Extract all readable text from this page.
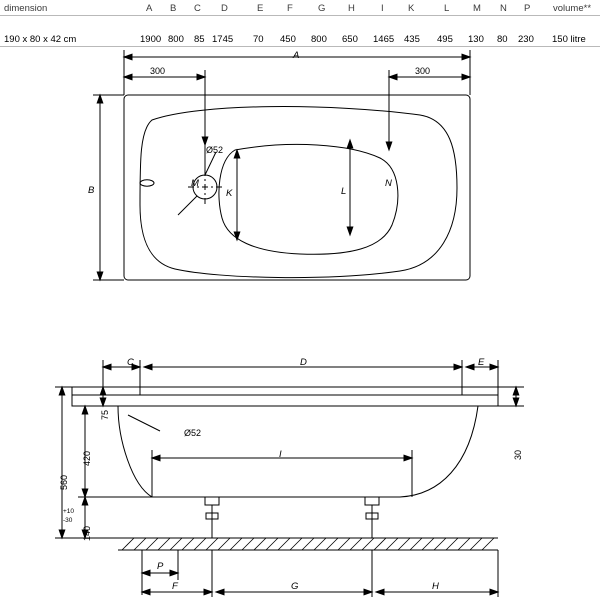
dimension	A B C D	E F	G H	I	K	L M N P volume**
190 x 80 x 42 cm	1900 800 85 1745 70 450 800 650 1465 435 495 130 80 230 150 litre
A
300	300
B
M	N
K	L
Ø52
C	D	E
Ø52
75
420
560
140
+10
-30
30
I
P
F	G	H
